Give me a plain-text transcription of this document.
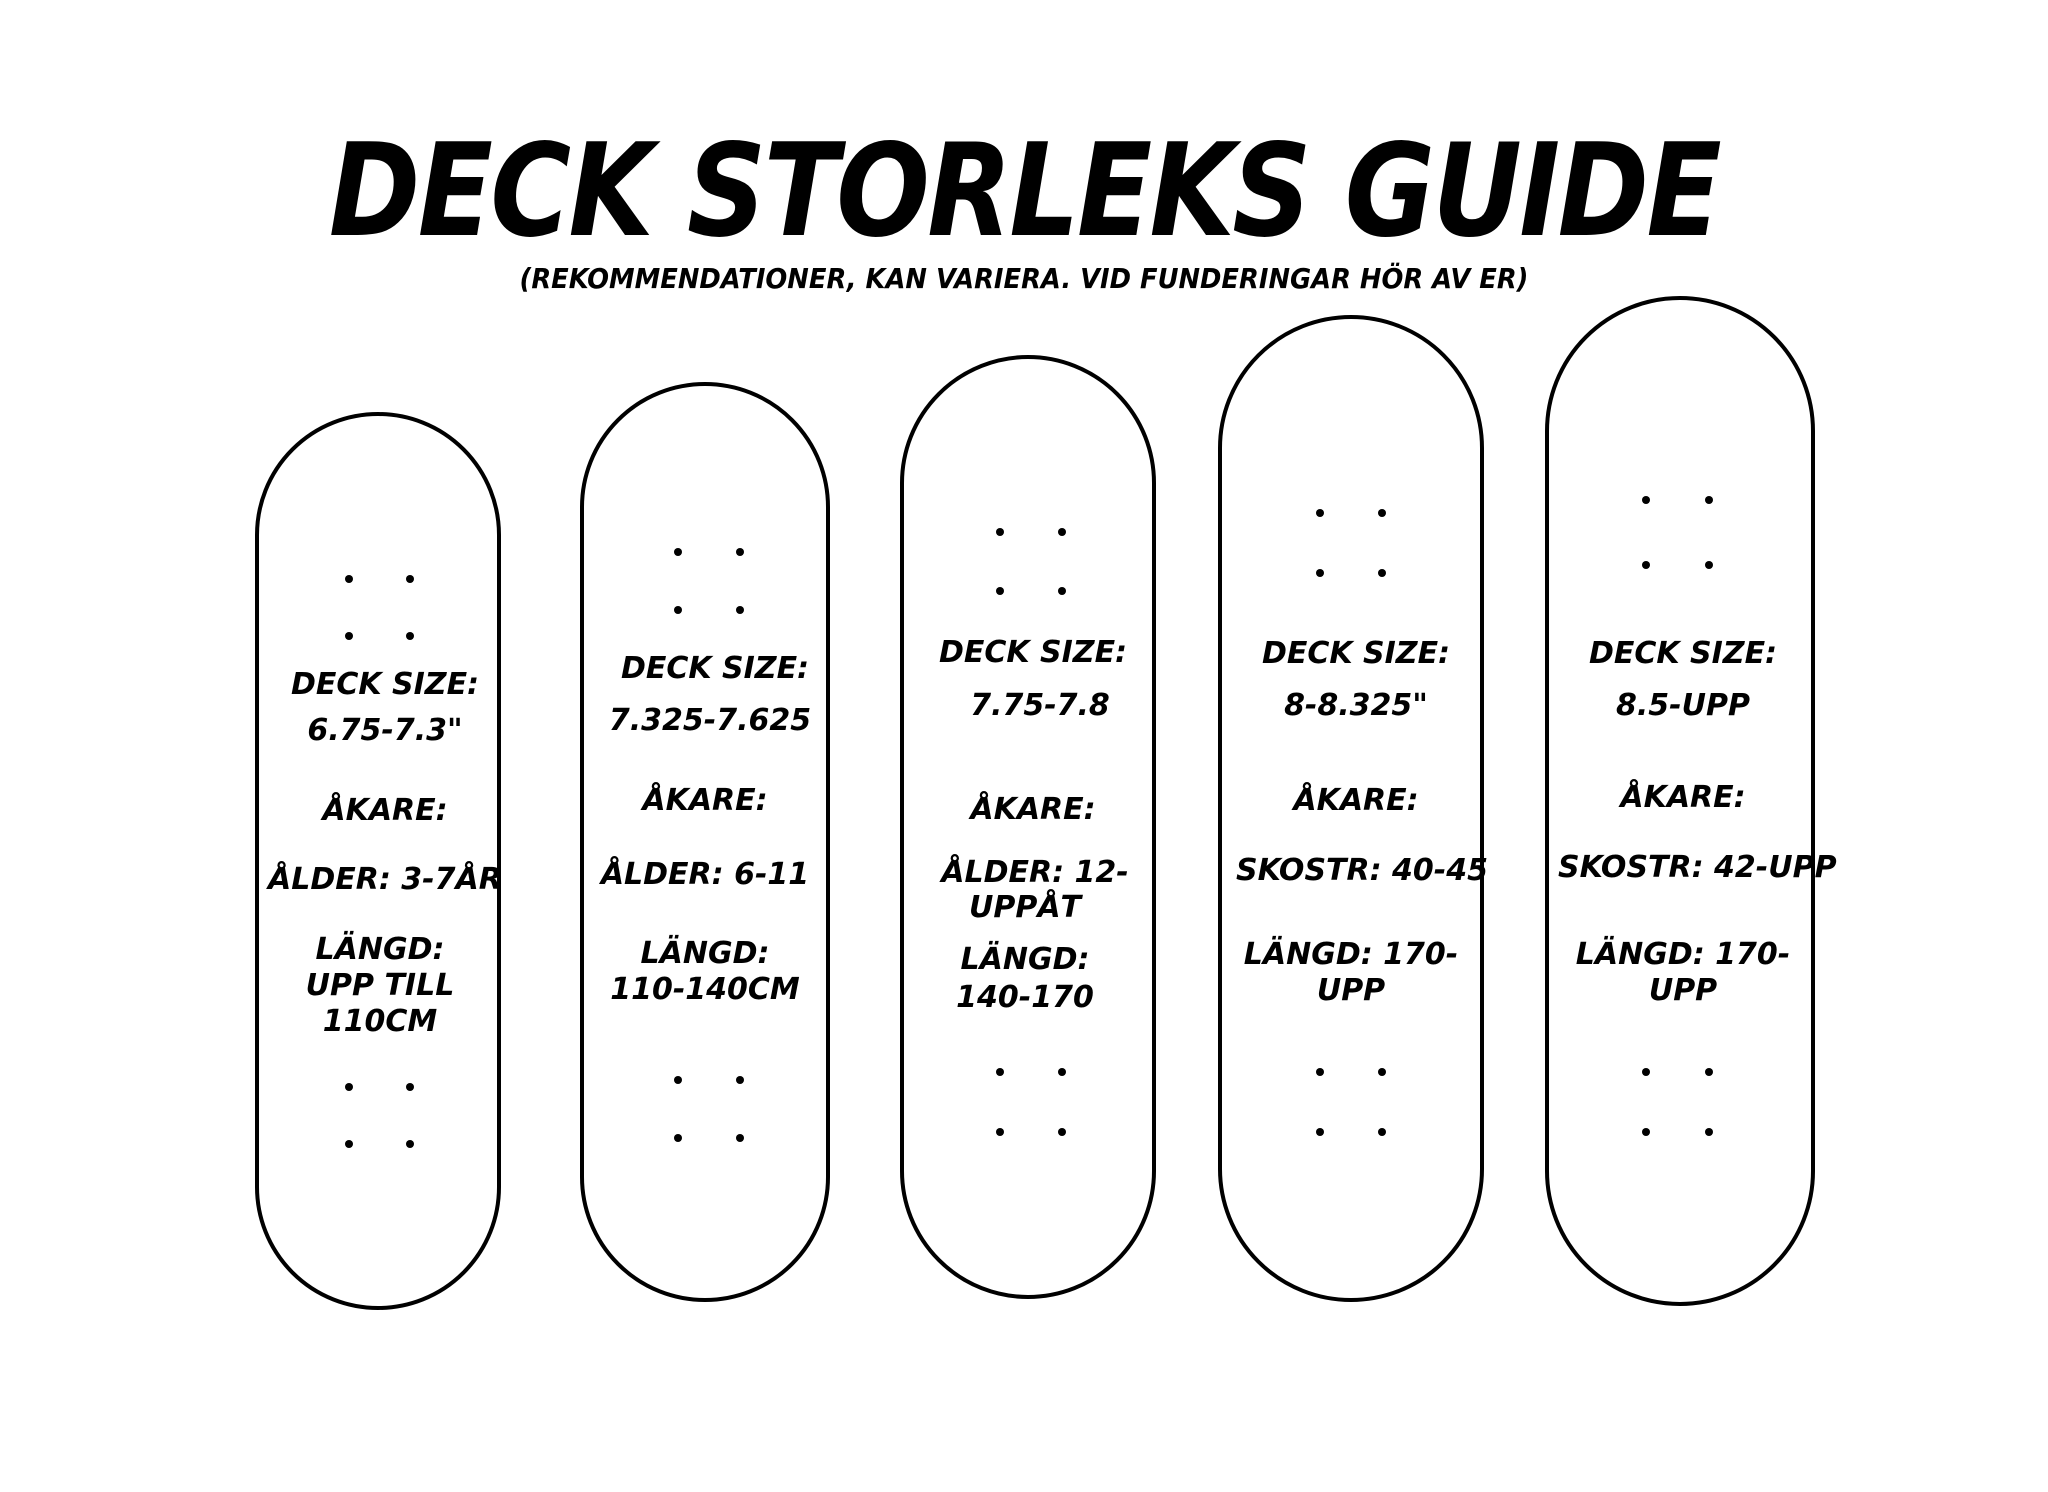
DECK STORLEKS GUIDE
(REKOMMENDATIONER, KAN VARIERA. VID FUNDERINGAR HÖR AV ER)
DECK SIZE:
6.75-7.3"
ÅKARE:
ÅLDER: 3-7ÅR
LÄNGD:
UPP TILL
110CM
DECK SIZE:
7.325-7.625
ÅKARE:
ÅLDER: 6-11
LÄNGD:
110-140CM
DECK SIZE:
7.75-7.8
ÅKARE:
ÅLDER: 12-
UPPÅT
LÄNGD:
140-170
DECK SIZE:
8-8.325"
ÅKARE:
SKOSTR: 40-45
LÄNGD: 170-
UPP
DECK SIZE:
8.5-UPP
ÅKARE:
SKOSTR: 42-UPP
LÄNGD: 170-
UPP
